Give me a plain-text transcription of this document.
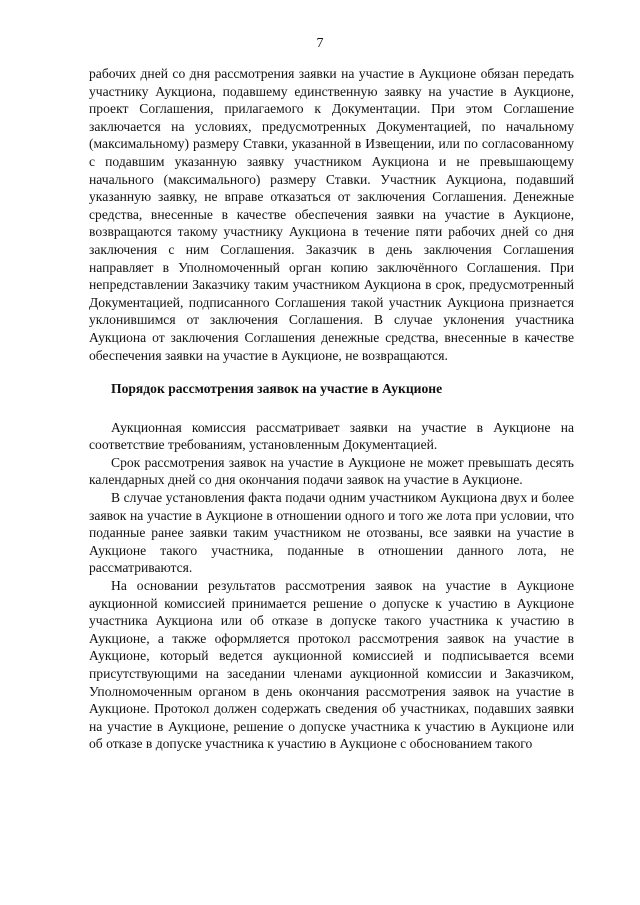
7

рабочих дней со дня рассмотрения заявки на участие в Аукционе обязан передать участнику Аукциона, подавшему единственную заявку на участие в Аукционе, проект Соглашения, прилагаемого к Документации. При этом Соглашение заключается на условиях, предусмотренных Документацией, по начальному (максимальному) размеру Ставки, указанной в Извещении, или по согласованному с подавшим указанную заявку участником Аукциона и не превышающему начального (максимального) размеру Ставки. Участник Аукциона, подавший указанную заявку, не вправе отказаться от заключения Соглашения. Денежные средства, внесенные в качестве обеспечения заявки на участие в Аукционе, возвращаются такому участнику Аукциона в течение пяти рабочих дней со дня заключения с ним Соглашения. Заказчик в день заключения Соглашения направляет в Уполномоченный орган копию заключённого Соглашения. При непредставлении Заказчику таким участником Аукциона в срок, предусмотренный Документацией, подписанного Соглашения такой участник Аукциона признается уклонившимся от заключения Соглашения. В случае уклонения участника Аукциона от заключения Соглашения денежные средства, внесенные в качестве обеспечения заявки на участие в Аукционе, не возвращаются.

Порядок рассмотрения заявок на участие в Аукционе

Аукционная комиссия рассматривает заявки на участие в Аукционе на соответствие требованиям, установленным Документацией.

Срок рассмотрения заявок на участие в Аукционе не может превышать десять календарных дней со дня окончания подачи заявок на участие в Аукционе.

В случае установления факта подачи одним участником Аукциона двух и более заявок на участие в Аукционе в отношении одного и того же лота при условии, что поданные ранее заявки таким участником не отозваны, все заявки на участие в Аукционе такого участника, поданные в отношении данного лота, не рассматриваются.

На основании результатов рассмотрения заявок на участие в Аукционе аукционной комиссией принимается решение о допуске к участию в Аукционе участника Аукциона или об отказе в допуске такого участника к участию в Аукционе, а также оформляется протокол рассмотрения заявок на участие в Аукционе, который ведется аукционной комиссией и подписывается всеми присутствующими на заседании членами аукционной комиссии и Заказчиком, Уполномоченным органом в день окончания рассмотрения заявок на участие в Аукционе. Протокол должен содержать сведения об участниках, подавших заявки на участие в Аукционе, решение о допуске участника к участию в Аукционе или об отказе в допуске участника к участию в Аукционе с обоснованием такого
